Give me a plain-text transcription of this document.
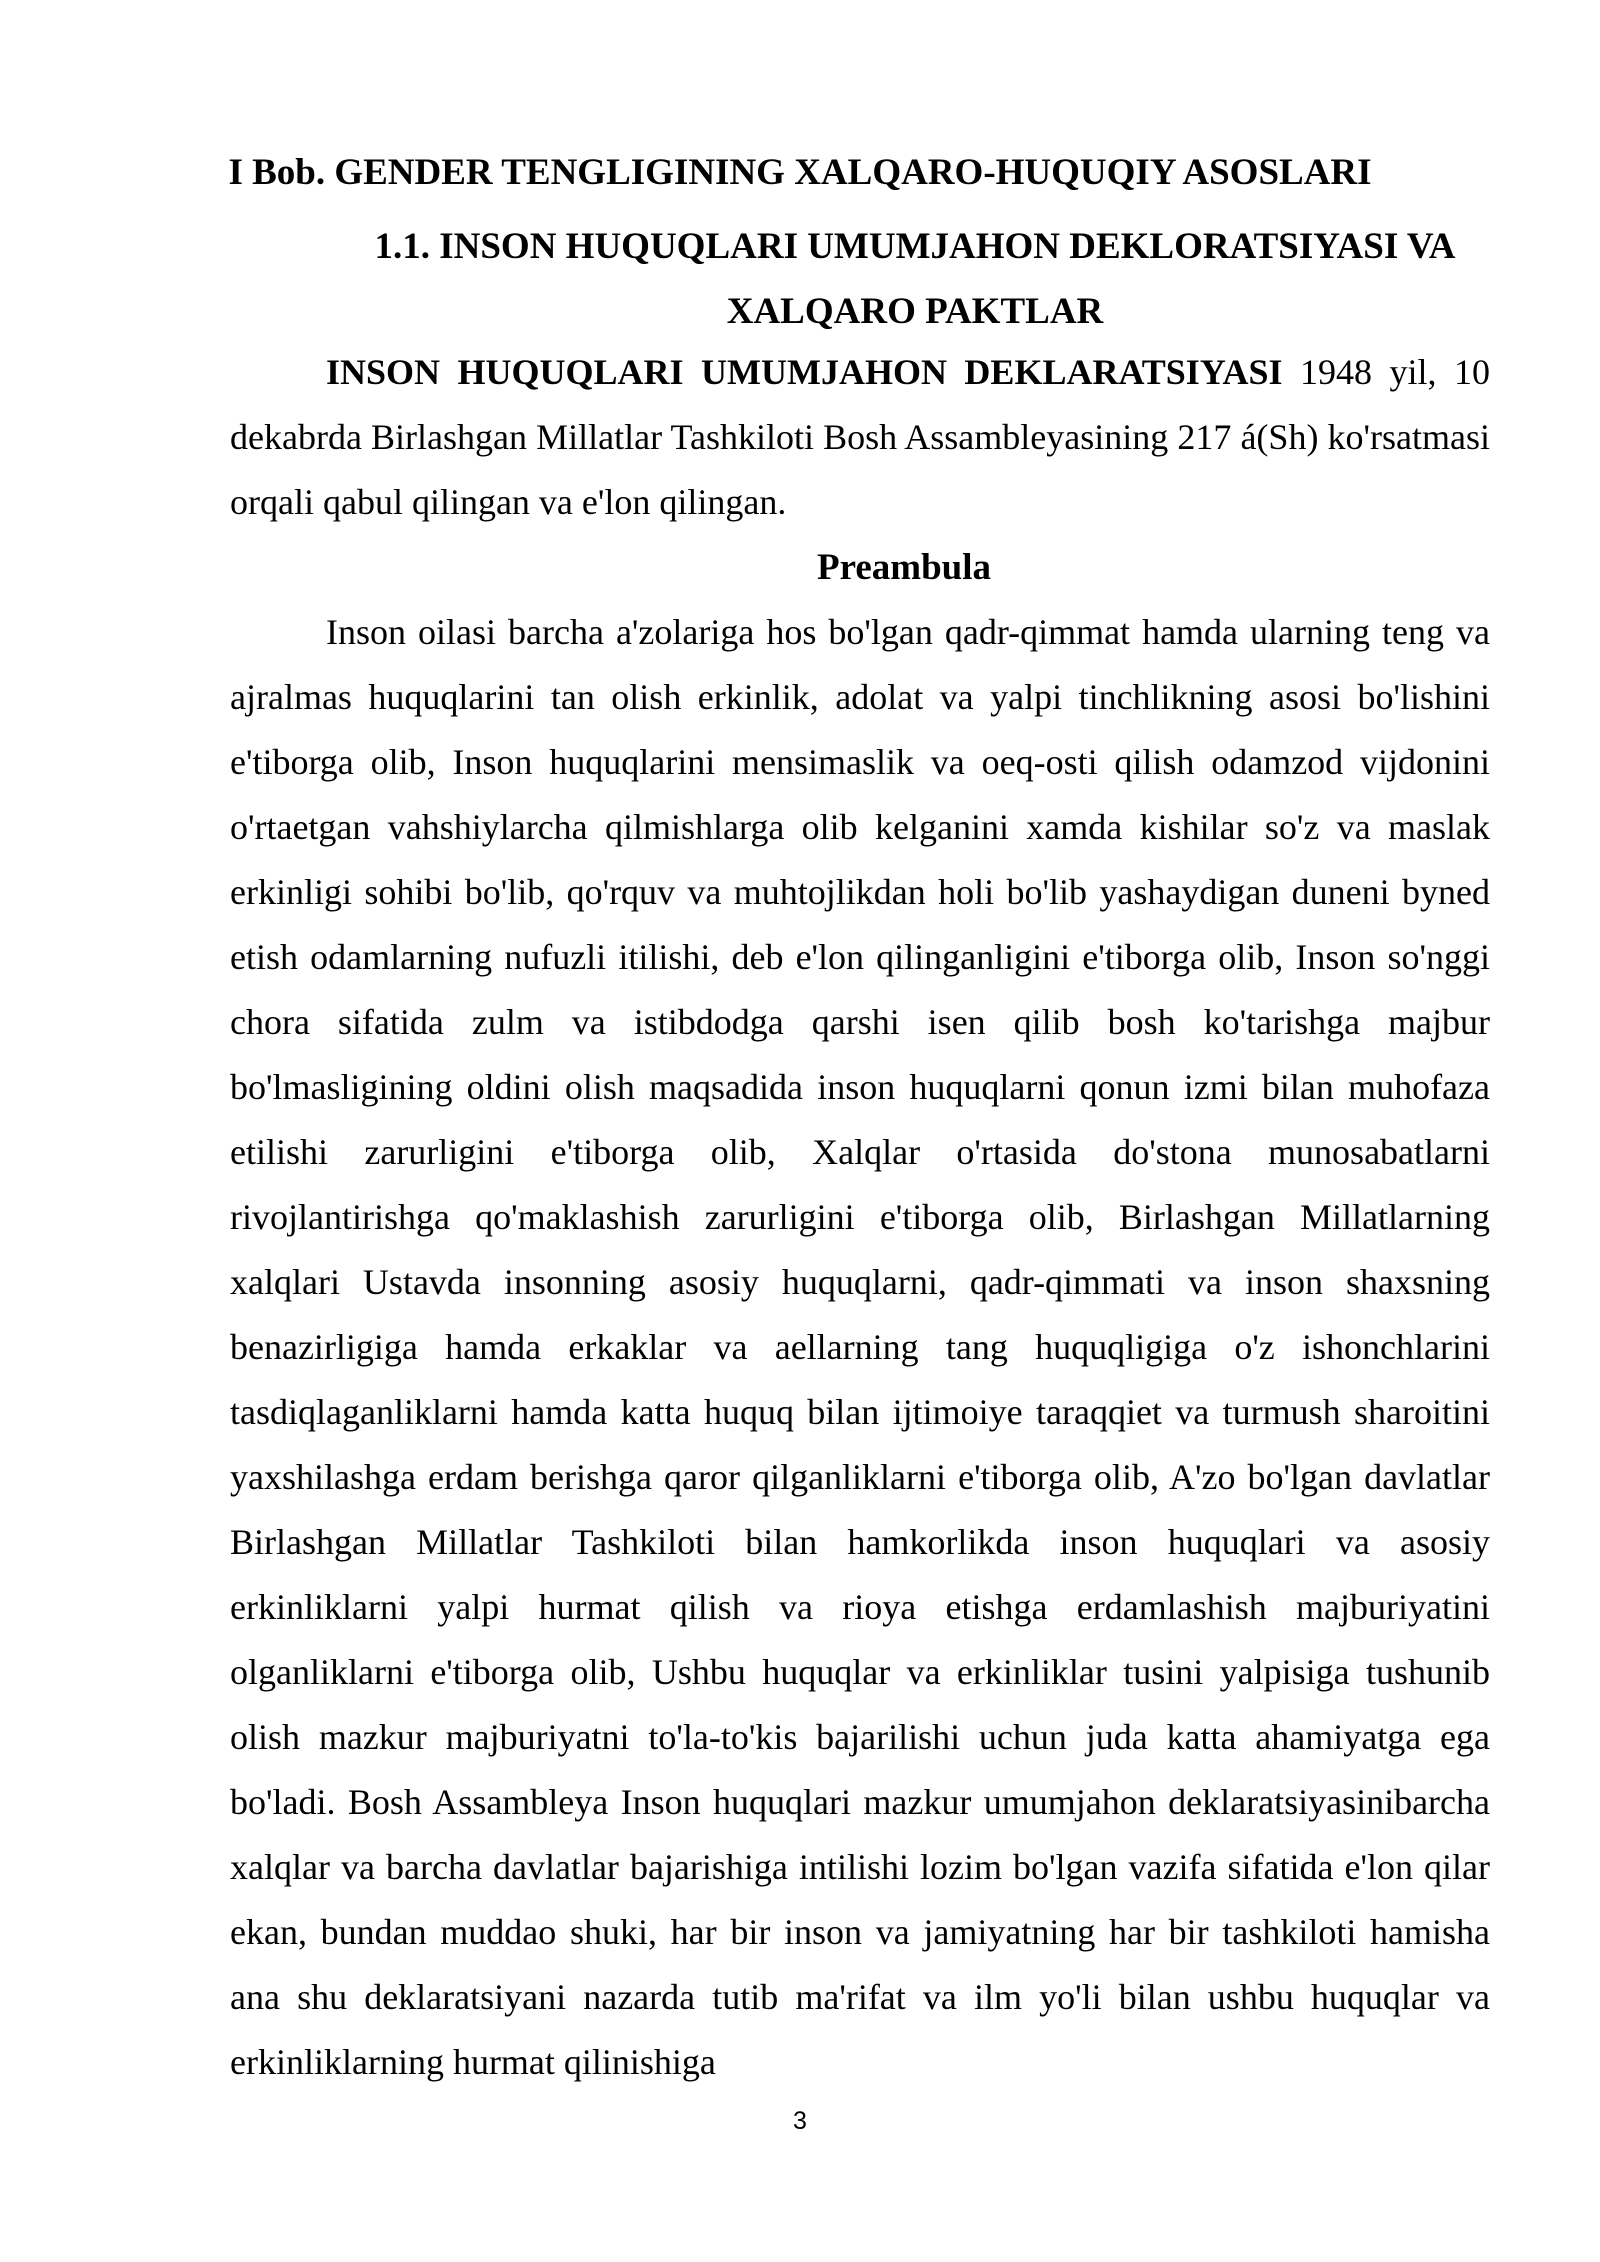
I Bob. GENDER TENGLIGINING XALQARO-HUQUQIY ASOSLARI
1.1. INSON HUQUQLARI UMUMJAHON DEKLORATSIYASI VA
XALQARO PAKTLAR

INSON HUQUQLARI UMUMJAHON DEKLARATSIYASI 1948 yil, 10 dekabrda Birlashgan Millatlar Tashkiloti Bosh Assambleyasining 217 á(Sh) ko'rsatmasi orqali qabul qilingan va e'lon qilingan.

Preambula

Inson oilasi barcha a'zolariga hos bo'lgan qadr-qimmat hamda ularning teng va ajralmas huquqlarini tan olish erkinlik, adolat va yalpi tinchlikning asosi bo'lishini e'tiborga olib, Inson huquqlarini mensimaslik va oeq-osti qilish odamzod vijdonini o'rtaetgan vahshiylarcha qilmishlarga olib kelganini xamda kishilar so'z va maslak erkinligi sohibi bo'lib, qo'rquv va muhtojlikdan holi bo'lib yashaydigan duneni byned etish odamlarning nufuzli itilishi, deb e'lon qilinganligini e'tiborga olib, Inson so'nggi chora sifatida zulm va istibdodga qarshi isen qilib bosh ko'tarishga majbur bo'lmasligining oldini olish maqsadida inson huquqlarni qonun izmi bilan muhofaza etilishi zarurligini e'tiborga olib, Xalqlar o'rtasida do'stona munosabatlarni rivojlantirishga qo'maklashish zarurligini e'tiborga olib, Birlashgan Millatlarning xalqlari Ustavda insonning asosiy huquqlarni, qadr-qimmati va inson shaxsning benazirligiga hamda erkaklar va aellarning tang huquqligiga o'z ishonchlarini tasdiqlaganliklarni hamda katta huquq bilan ijtimoiye taraqqiet va turmush sharoitini yaxshilashga erdam berishga qaror qilganliklarni e'tiborga olib, A'zo bo'lgan davlatlar Birlashgan Millatlar Tashkiloti bilan hamkorlikda inson huquqlari va asosiy erkinliklarni yalpi hurmat qilish va rioya etishga erdamlashish majburiyatini olganliklarni e'tiborga olib, Ushbu huquqlar va erkinliklar tusini yalpisiga tushunib olish mazkur majburiyatni to'la-to'kis bajarilishi uchun juda katta ahamiyatga ega bo'ladi. Bosh Assambleya Inson huquqlari mazkur umumjahon deklaratsiyasinibarcha xalqlar va barcha davlatlar bajarishiga intilishi lozim bo'lgan vazifa sifatida e'lon qilar ekan, bundan muddao shuki, har bir inson va jamiyatning har bir tashkiloti hamisha ana shu deklaratsiyani nazarda tutib ma'rifat va ilm yo'li bilan ushbu huquqlar va erkinliklarning hurmat qilinishiga

3
